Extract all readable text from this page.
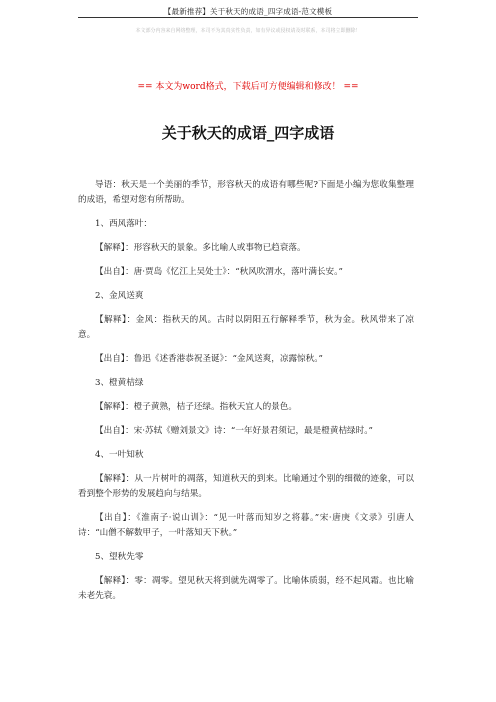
【最新推荐】关于秋天的成语_四字成语-范文模板
本文部分内容来自网络整理，本司不为其真实性负责，如有异议或侵权请及时联系，本司将立即删除！
== 本文为word格式，下载后可方便编辑和修改！ ==
关于秋天的成语_四字成语

导语：秋天是一个美丽的季节，形容秋天的成语有哪些呢?下面是小编为您收集整理的成语，希望对您有所帮助。

1、西风落叶：

【解释】：形容秋天的景象。多比喻人或事物已趋衰落。

【出自】：唐·贾岛《忆江上吴处士》：“秋风吹渭水，落叶满长安。”

2、金风送爽

【解释】：金风：指秋天的风。古时以阴阳五行解释季节，秋为金。秋风带来了凉意。

【出自】：鲁迅《述香港恭祝圣诞》：“金风送爽，凉露惊秋。”

3、橙黄桔绿

【解释】：橙子黄熟，桔子还绿。指秋天宜人的景色。

【出自】：宋·苏轼《赠刘景文》诗：“一年好景君须记，最是橙黄桔绿时。”

4、一叶知秋

【解释】：从一片树叶的凋落，知道秋天的到来。比喻通过个别的细微的迹象，可以看到整个形势的发展趋向与结果。

【出自】：《淮南子·说山训》：“见一叶落而知岁之将暮。”宋·唐庚《文录》引唐人诗：“山僧不解数甲子，一叶落知天下秋。”

5、望秋先零

【解释】：零：凋零。望见秋天将到就先凋零了。比喻体质弱，经不起风霜。也比喻未老先衰。
